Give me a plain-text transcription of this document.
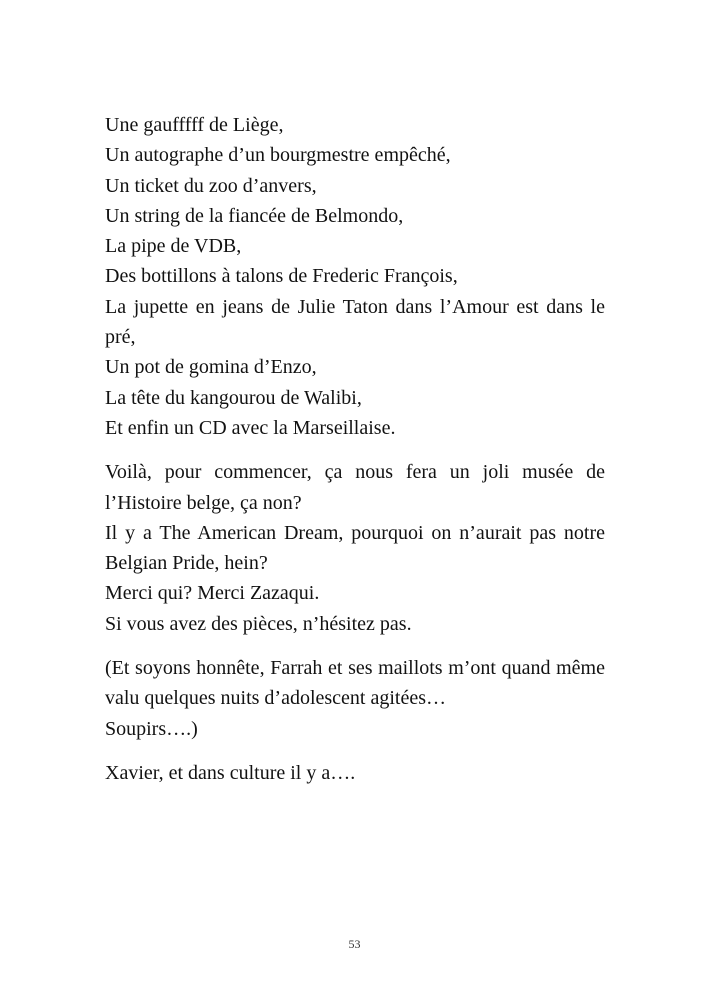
Une gaufffff de Liège,
Un autographe d’un bourgmestre empêché,
Un ticket du zoo d’anvers,
Un string de la fiancée de Belmondo,
La pipe de VDB,
Des bottillons à talons de Frederic François,
La jupette en jeans de Julie Taton dans l’Amour est dans le pré,
Un pot de gomina d’Enzo,
La tête du kangourou de Walibi,
Et enfin un CD avec la Marseillaise.
Voilà, pour commencer, ça nous fera un joli musée de l’Histoire belge, ça non?
Il y a The American Dream, pourquoi on n’aurait pas notre Belgian Pride, hein?
Merci qui? Merci Zazaqui.
Si vous avez des pièces, n’hésitez pas.
(Et soyons honnête, Farrah et ses maillots m’ont quand même valu quelques nuits d’adolescent agitées…
Soupirs….)
Xavier, et dans culture il y a….
53
